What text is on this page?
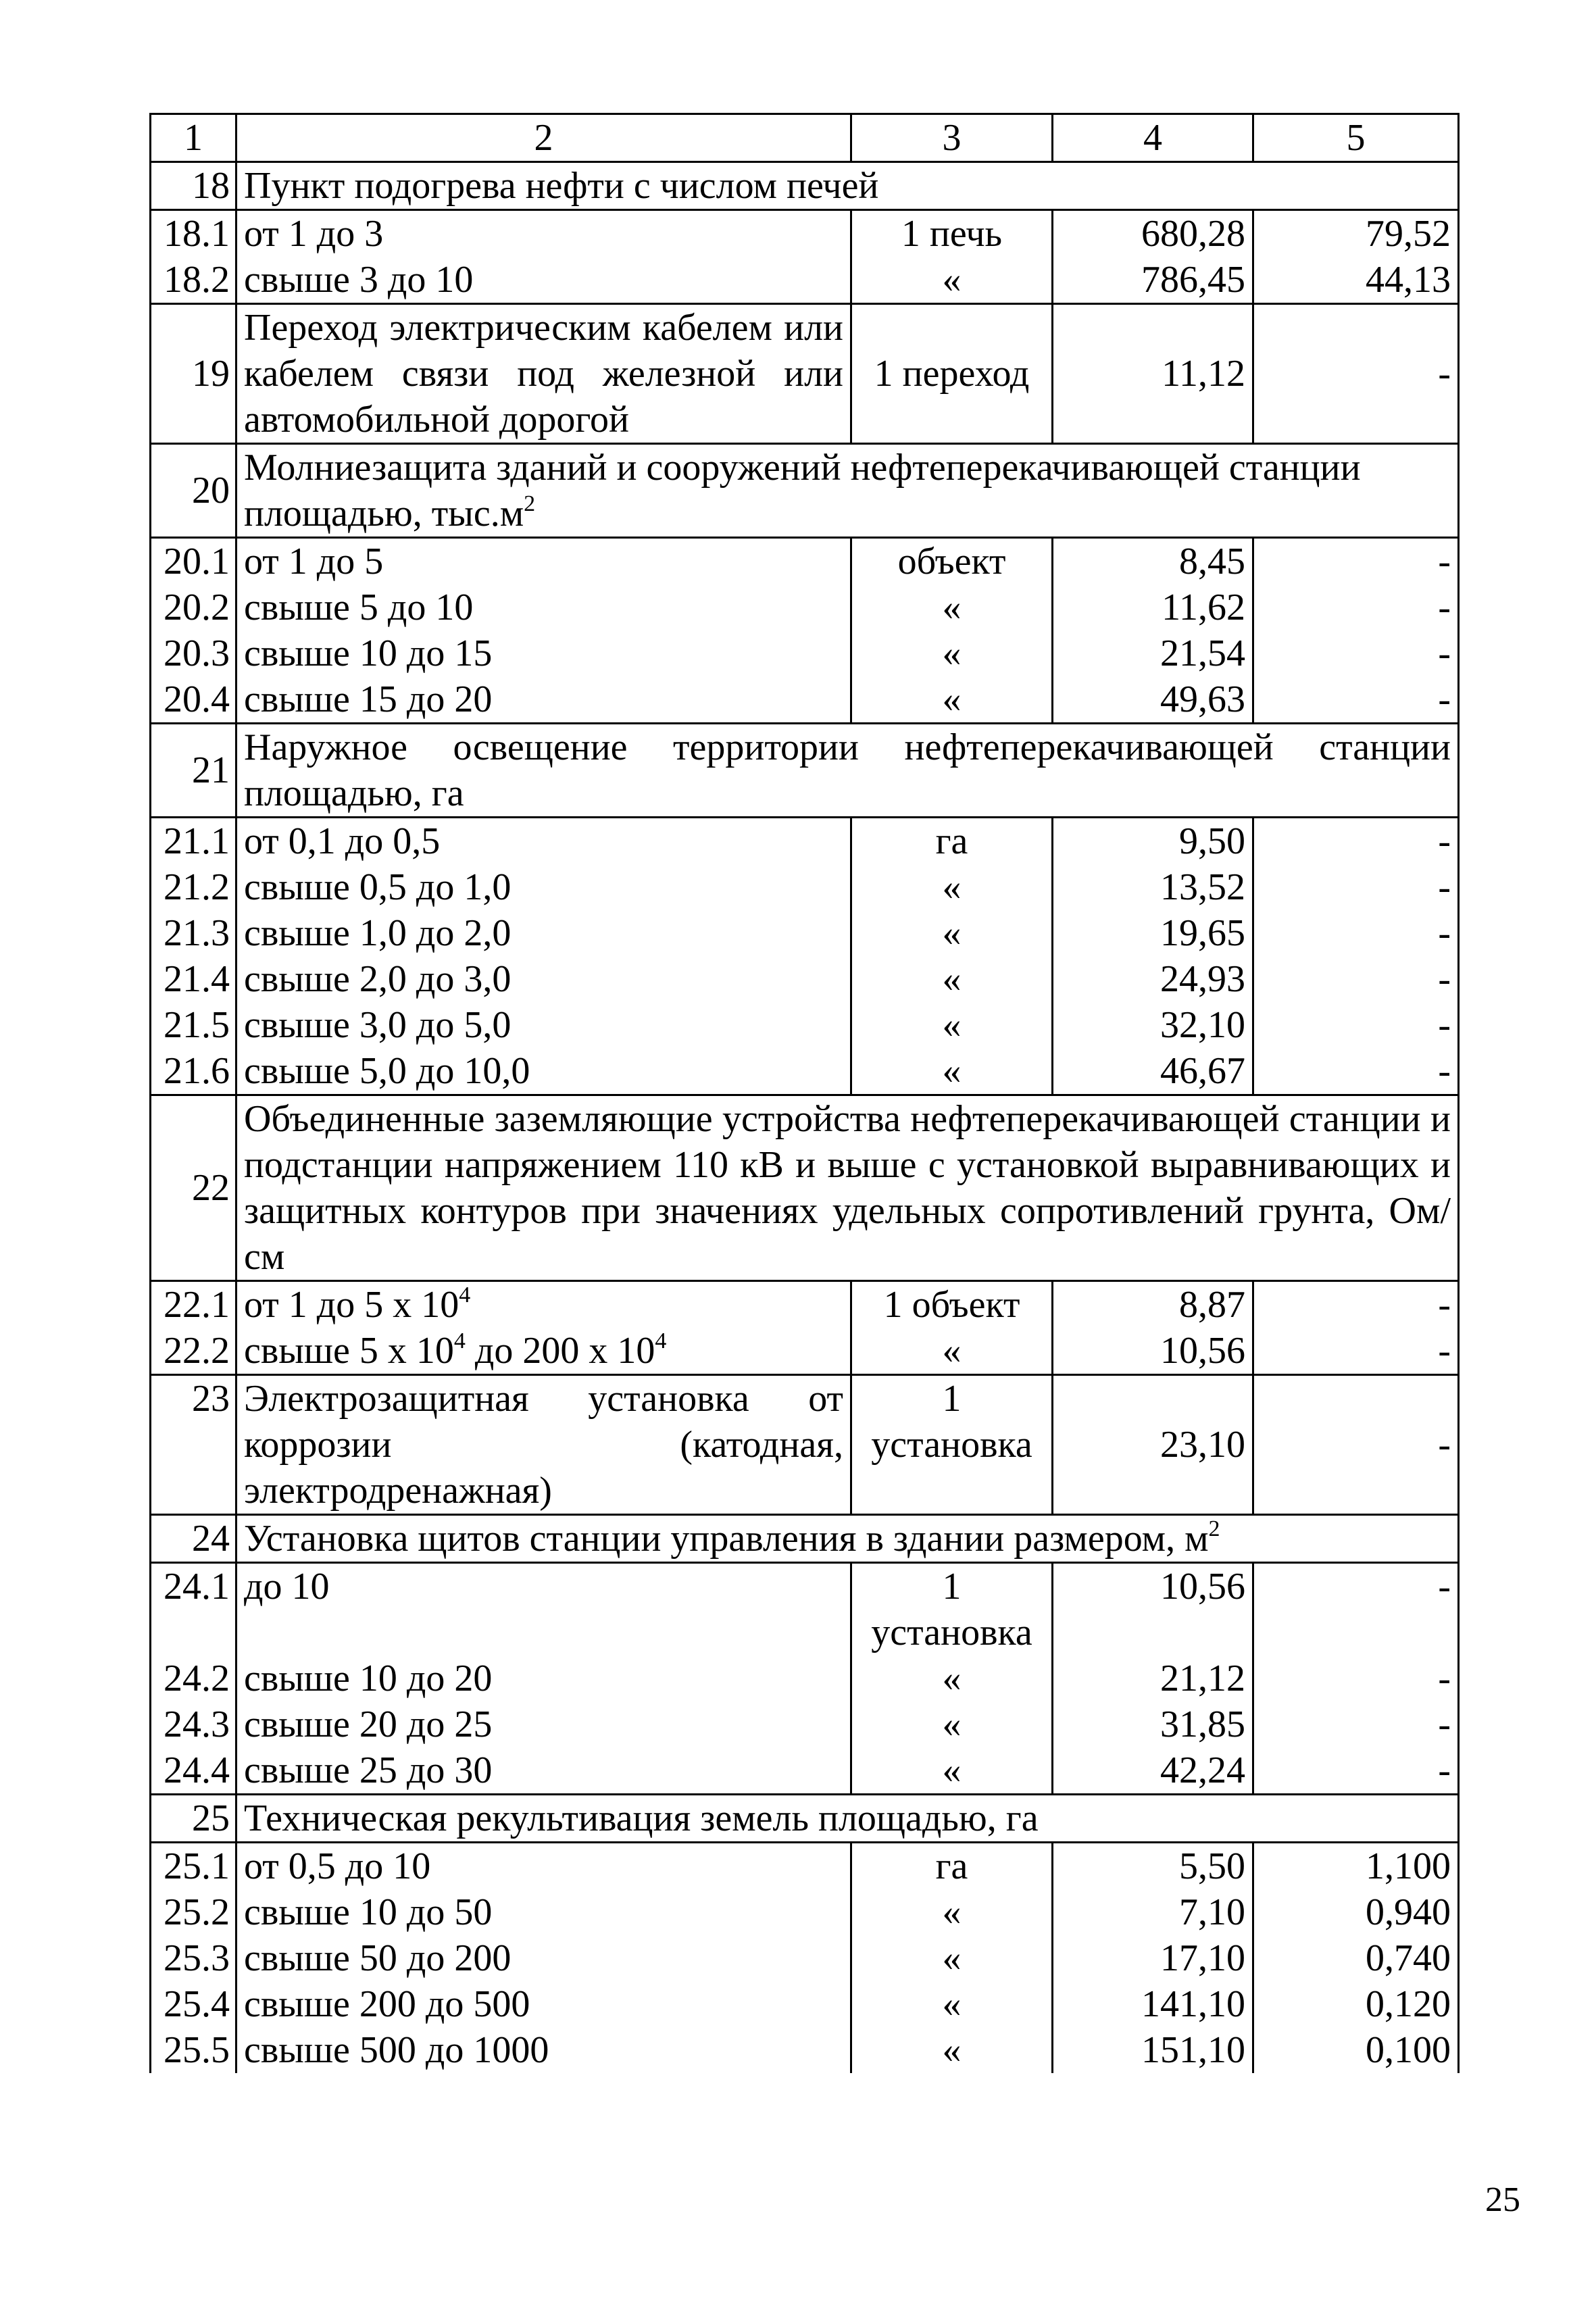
1	2	3	4	5
18	Пункт подогрева нефти с числом печей			
18.1	от 1 до 3	1 печь	680,28	79,52
18.2	свыше 3 до 10	«	786,45	44,13
19	Переход электрическим кабелем или кабелем связи под железной или автомобильной дорогой	1 переход	11,12	-
20	Молниезащита зданий и сооружений нефтеперекачивающей станции площадью, $тыс.м^2$
20.1	от 1 до 5	объект	8,45	-
20.2	свыше 5 до 10	«	11,62	-
20.3	свыше 10 до 15	«	21,54	-
20.4	свыше 15 до 20	«	49,63	-
21	Наружное освещение территории нефтеперекачивающей станции площадью, га			
21.1	от 0,1 до 0,5	га	9,50	-
21.2	свыше 0,5 до 1,0	«	13,52	-
21.3	свыше 1,0 до 2,0	«	19,65	-
21.4	свыше 2,0 до 3,0	«	24,93	-
21.5	свыше 3,0 до 5,0	«	32,10	-
21.6	свыше 5,0 до 10,0	«	46,67	-
22	Объединенные заземляющие устройства нефтеперекачивающей станции и подстанции напряжением 110 кВ и выше с установкой выравнивающих и защитных контуров при значениях удельных сопротивлений грунта, Ом/см			
22.1	от 1 до 5 х $10^4$	1 объект	8,87	-
22.2	свыше 5 х $10^4$ до 200 х $10^4$	«	10,56	-
23	Электрозащитная установка от коррозии (катодная, электродренажная)	1 установка	23,10	-
24	Установка щитов станции управления в здании размером, $м^2$
24.1	до 10	1 установка	10,56	-
24.2	свыше 10 до 20	«	21,12	-
24.3	свыше 20 до 25	«	31,85	-
24.4	свыше 25 до 30	«	42,24	-
25	Техническая рекультивация земель площадью, га			
25.1	от 0,5 до 10	га	5,50	1,100
25.2	свыше 10 до 50	«	7,10	0,940
25.3	свыше 50 до 200	«	17,10	0,740
25.4	свыше 200 до 500	«	141,10	0,120
25.5	свыше 500 до 1000	«	151,10	0,100
25
